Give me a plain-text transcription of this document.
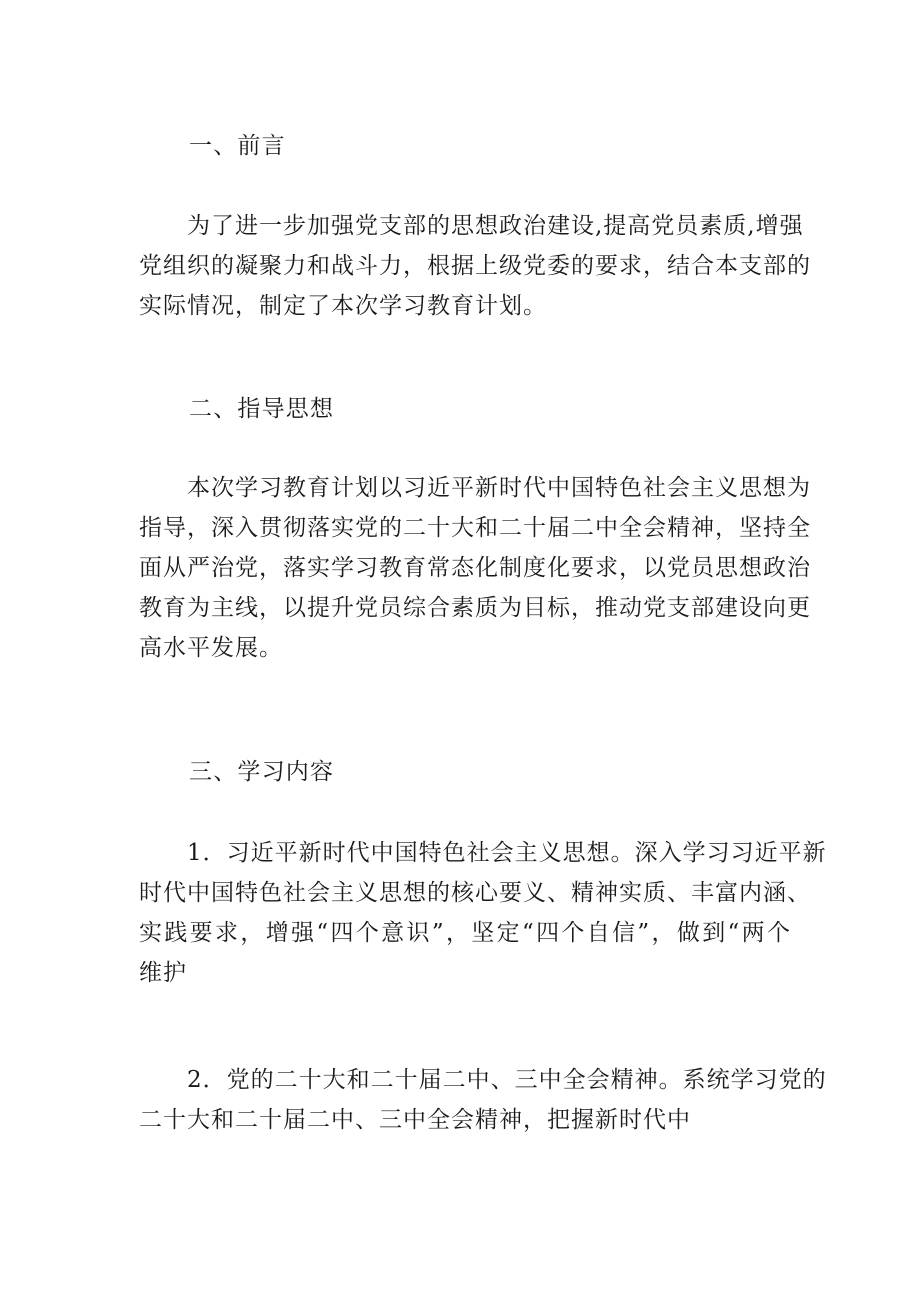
一、前言
为了进一步加强党支部的思想政治建设,提高党员素质,增强
党组织的凝聚力和战斗力，根据上级党委的要求，结合本支部的
实际情况，制定了本次学习教育计划。
二、指导思想
本次学习教育计划以习近平新时代中国特色社会主义思想为
指导，深入贯彻落实党的二十大和二十届二中全会精神，坚持全
面从严治党，落实学习教育常态化制度化要求，以党员思想政治
教育为主线，以提升党员综合素质为目标，推动党支部建设向更
高水平发展。
三、学习内容
1．习近平新时代中国特色社会主义思想。深入学习习近平新
时代中国特色社会主义思想的核心要义、精神实质、丰富内涵、
实践要求，增强“四个意识”，坚定“四个自信”，做到“两个
维护
2．党的二十大和二十届二中、三中全会精神。系统学习党的
二十大和二十届二中、三中全会精神，把握新时代中
